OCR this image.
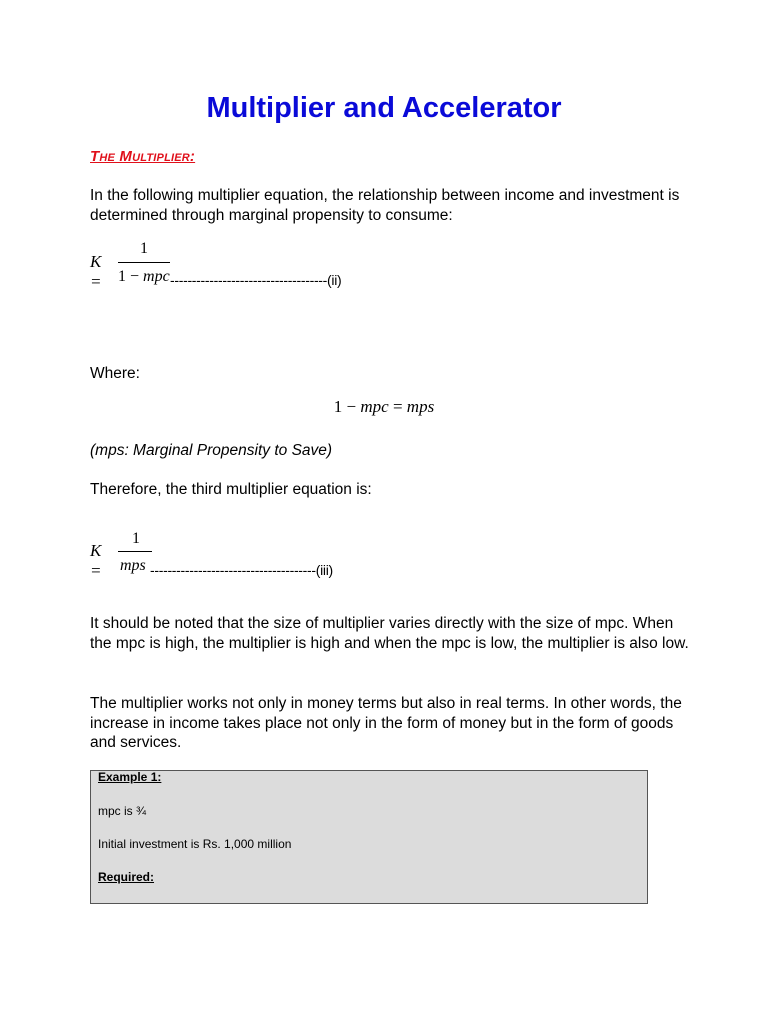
Multiplier and Accelerator
The Multiplier:

In the following multiplier equation, the relationship between income and investment is determined through marginal propensity to consume:

K =
1
1 − mpc ------------------------------------(ii)

Where:

1 − mpc = mps

(mps: Marginal Propensity to Save)

Therefore, the third multiplier equation is:

K =
1
mps --------------------------------------(iii)

It should be noted that the size of multiplier varies directly with the size of mpc. When the mpc is high, the multiplier is high and when the mpc is low, the multiplier is also low.

The multiplier works not only in money terms but also in real terms. In other words, the increase in income takes place not only in the form of money but in the form of goods and services.

Example 1:
mpc is ¾
Initial investment is Rs. 1,000 million
Required:
